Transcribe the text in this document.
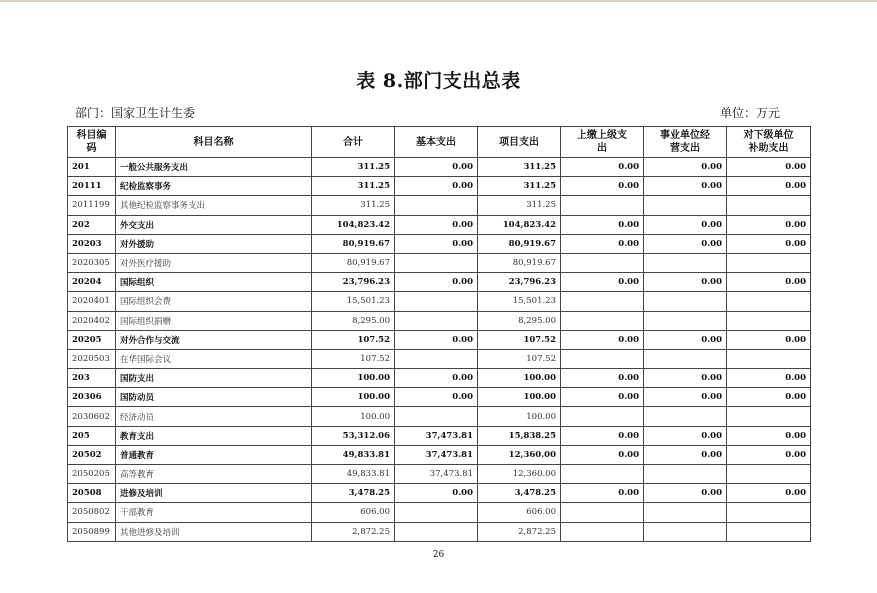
表 8.部门支出总表
部门：国家卫生计生委	单位：万元
科目编码	科目名称	合计	基本支出	项目支出	上缴上级支出	事业单位经营支出	对下级单位补助支出
201	一般公共服务支出	311.25	0.00	311.25	0.00	0.00	0.00
20111	纪检监察事务	311.25	0.00	311.25	0.00	0.00	0.00
2011199	其他纪检监察事务支出	311.25		311.25			
202	外交支出	104,823.42	0.00	104,823.42	0.00	0.00	0.00
20203	对外援助	80,919.67	0.00	80,919.67	0.00	0.00	0.00
2020305	对外医疗援助	80,919.67		80,919.67			
20204	国际组织	23,796.23	0.00	23,796.23	0.00	0.00	0.00
2020401	国际组织会费	15,501.23		15,501.23			
2020402	国际组织捐赠	8,295.00		8,295.00			
20205	对外合作与交流	107.52	0.00	107.52	0.00	0.00	0.00
2020503	在华国际会议	107.52		107.52			
203	国防支出	100.00	0.00	100.00	0.00	0.00	0.00
20306	国防动员	100.00	0.00	100.00	0.00	0.00	0.00
2030602	经济动员	100.00		100.00			
205	教育支出	53,312.06	37,473.81	15,838.25	0.00	0.00	0.00
20502	普通教育	49,833.81	37,473.81	12,360.00	0.00	0.00	0.00
2050205	高等教育	49,833.81	37,473.81	12,360.00			
20508	进修及培训	3,478.25	0.00	3,478.25	0.00	0.00	0.00
2050802	干部教育	606.00		606.00			
2050899	其他进修及培训	2,872.25		2,872.25			
26
